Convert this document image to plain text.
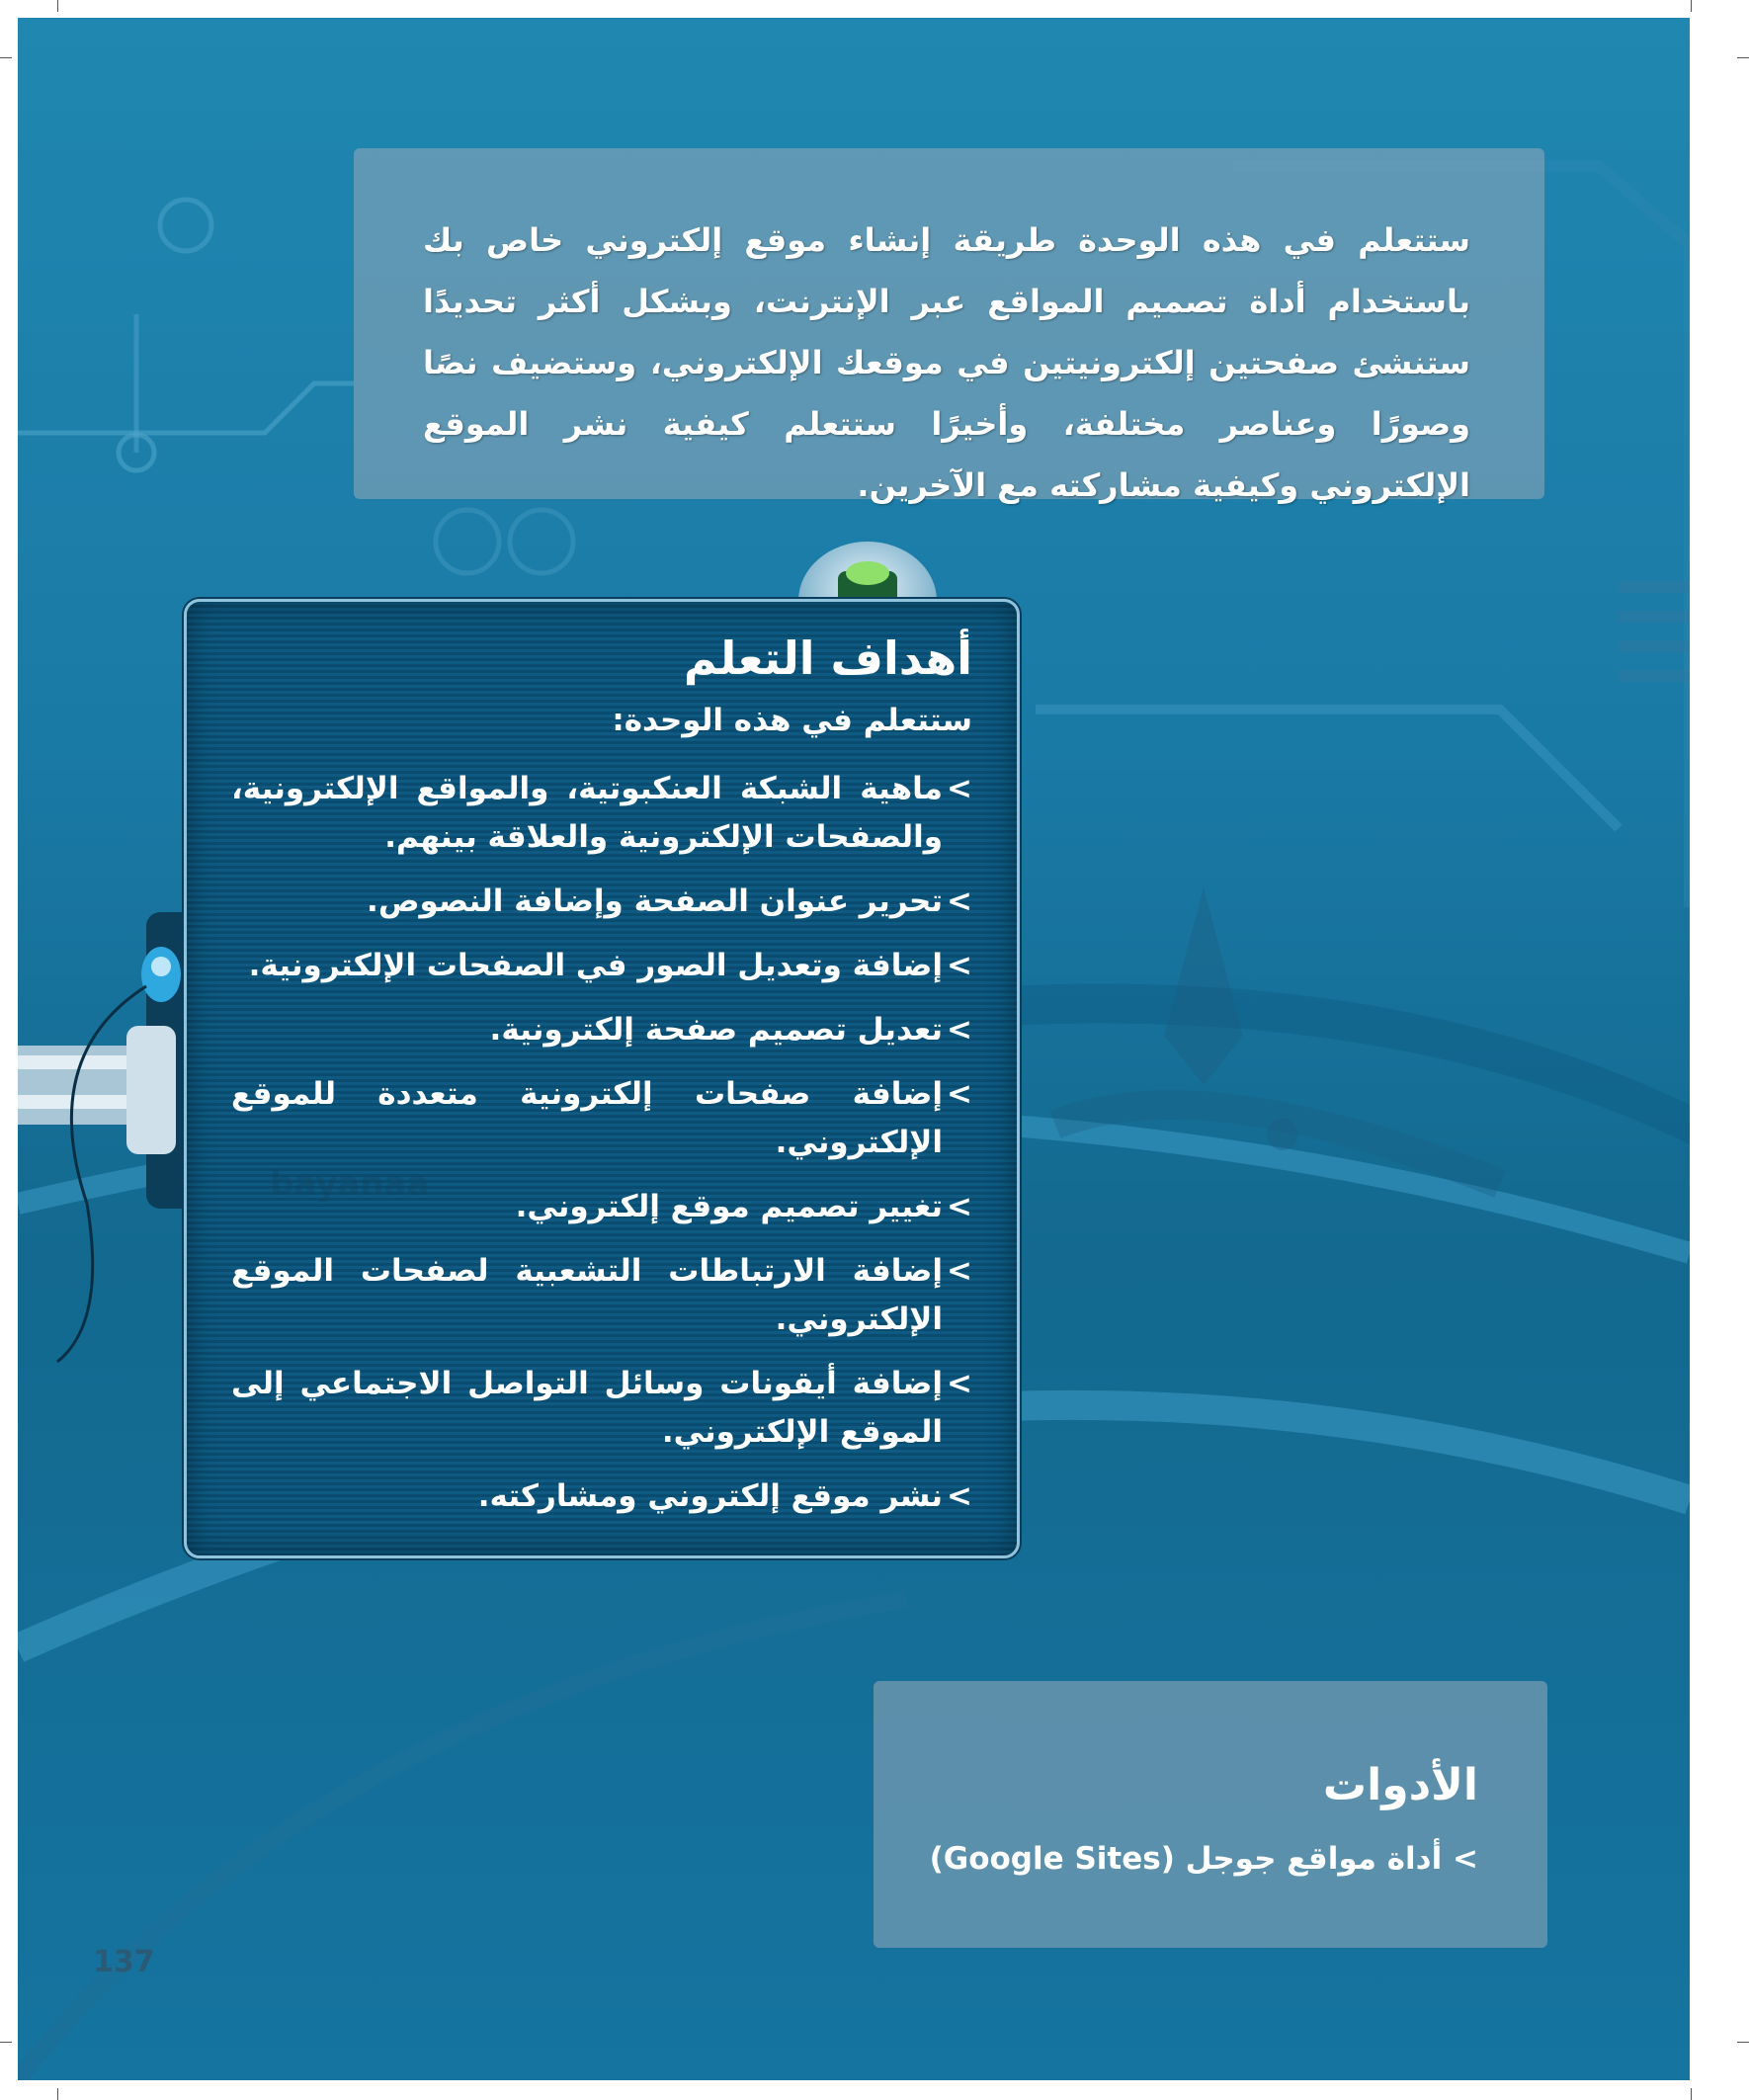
ستتعلم في هذه الوحدة طريقة إنشاء موقع إلكتروني خاص بك باستخدام أداة تصميم المواقع عبر الإنترنت، وبشكل أكثر تحديدًا ستنشئ صفحتين إلكترونيتين في موقعك الإلكتروني، وستضيف نصًا وصورًا وعناصر مختلفة، وأخيرًا ستتعلم كيفية نشر الموقع الإلكتروني وكيفية مشاركته مع الآخرين.

أهداف التعلم
ستتعلم في هذه الوحدة:
>
ماهية الشبكة العنكبوتية، والمواقع الإلكترونية، والصفحات الإلكترونية والعلاقة بينهم.
>
تحرير عنوان الصفحة وإضافة النصوص.
>
إضافة وتعديل الصور في الصفحات الإلكترونية.
>
تعديل تصميم صفحة إلكترونية.
>
إضافة صفحات إلكترونية متعددة للموقع الإلكتروني.
>
تغيير تصميم موقع إلكتروني.
>
إضافة الارتباطات التشعبية لصفحات الموقع الإلكتروني.
>
إضافة أيقونات وسائل التواصل الاجتماعي إلى الموقع الإلكتروني.
>
نشر موقع إلكتروني ومشاركته.
bayanaa
الأدوات
> أداة مواقع جوجل (Google Sites)
137
